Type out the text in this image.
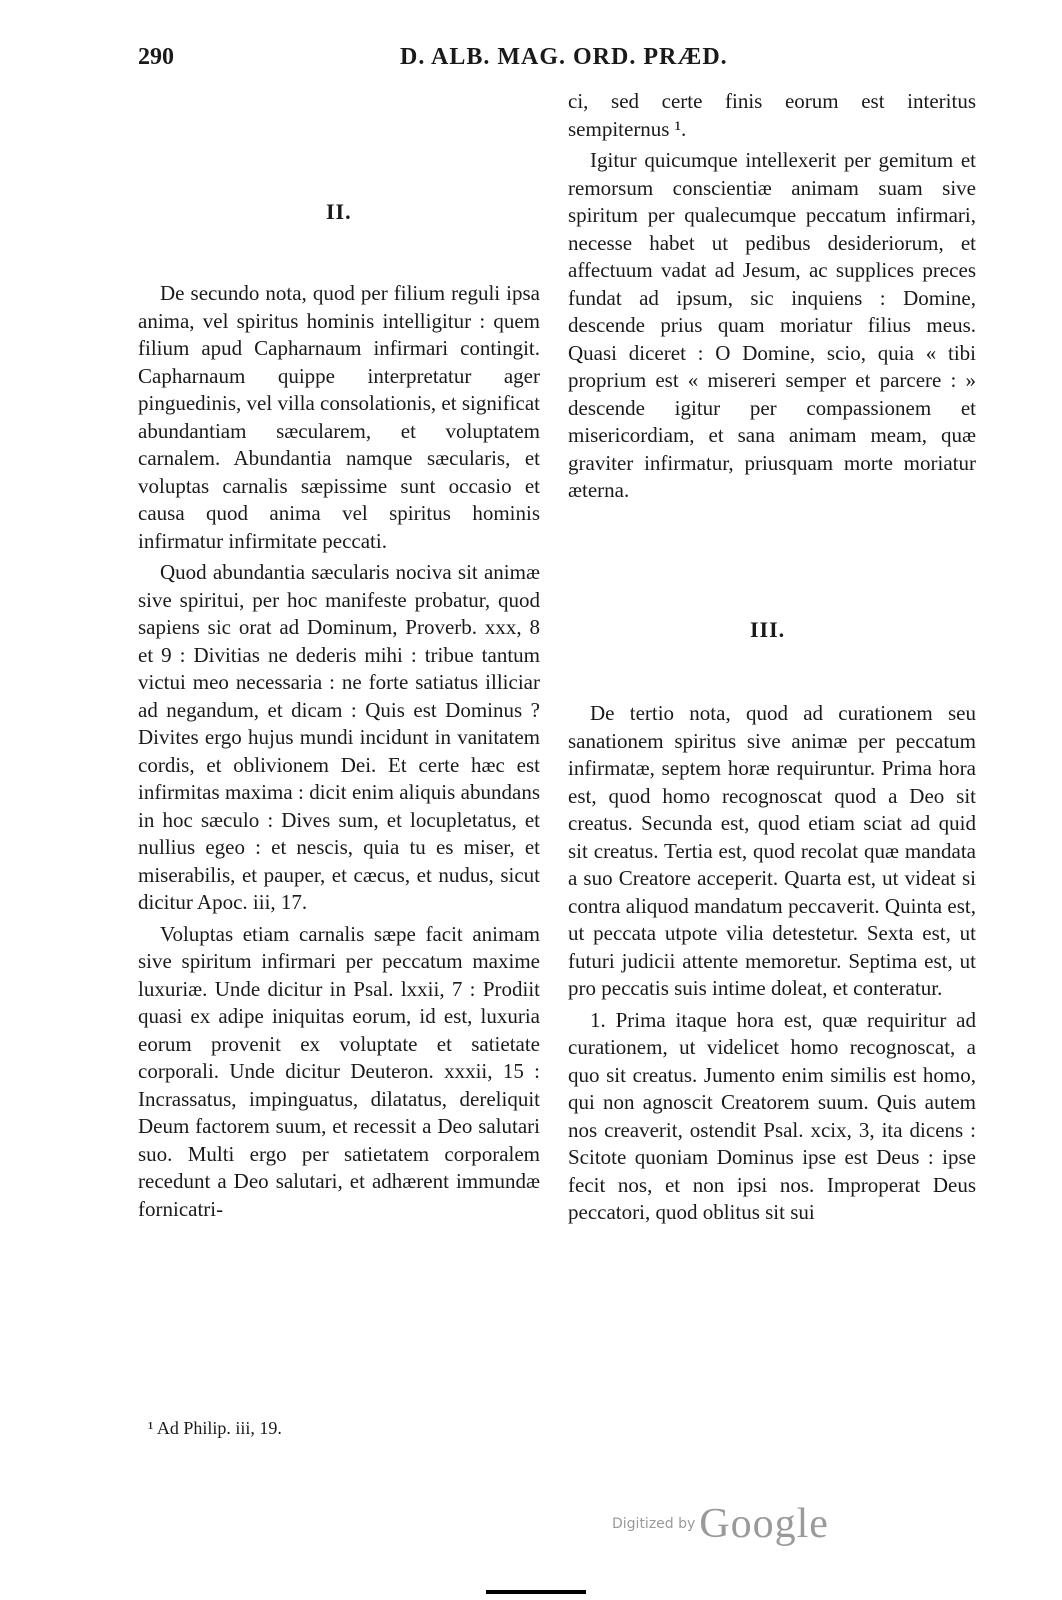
290	D. ALB. MAG. ORD. PRÆD.
II.

De secundo nota, quod per filium reguli ipsa anima, vel spiritus hominis intelligitur : quem filium apud Capharnaum infirmari contingit. Capharnaum quippe interpretatur ager pinguedinis, vel villa consolationis, et significat abundantiam sæcularem, et voluptatem carnalem. Abundantia namque sæcularis, et voluptas carnalis sæpissime sunt occasio et causa quod anima vel spiritus hominis infirmatur infirmitate peccati.

Quod abundantia sæcularis nociva sit animæ sive spiritui, per hoc manifeste probatur, quod sapiens sic orat ad Dominum, Proverb. xxx, 8 et 9 : Divitias ne dederis mihi : tribue tantum victui meo necessaria : ne forte satiatus illiciar ad negandum, et dicam : Quis est Dominus ? Divites ergo hujus mundi incidunt in vanitatem cordis, et oblivionem Dei. Et certe hæc est infirmitas maxima : dicit enim aliquis abundans in hoc sæculo : Dives sum, et locupletatus, et nullius egeo : et nescis, quia tu es miser, et miserabilis, et pauper, et cæcus, et nudus, sicut dicitur Apoc. iii, 17.

Voluptas etiam carnalis sæpe facit animam sive spiritum infirmari per peccatum maxime luxuriæ. Unde dicitur in Psal. lxxii, 7 : Prodiit quasi ex adipe iniquitas eorum, id est, luxuria eorum provenit ex voluptate et satietate corporali. Unde dicitur Deuteron. xxxii, 15 : Incrassatus, impinguatus, dilatatus, dereliquit Deum factorem suum, et recessit a Deo salutari suo. Multi ergo per satietatem corporalem recedunt a Deo salutari, et adhærent immundæ fornicatri-

ci, sed certe finis eorum est interitus sempiternus ¹.

Igitur quicumque intellexerit per gemitum et remorsum conscientiæ animam suam sive spiritum per qualecumque peccatum infirmari, necesse habet ut pedibus desideriorum, et affectuum vadat ad Jesum, ac supplices preces fundat ad ipsum, sic inquiens : Domine, descende prius quam moriatur filius meus. Quasi diceret : O Domine, scio, quia « tibi proprium est « misereri semper et parcere : » descende igitur per compassionem et misericordiam, et sana animam meam, quæ graviter infirmatur, priusquam morte moriatur æterna.

III.

De tertio nota, quod ad curationem seu sanationem spiritus sive animæ per peccatum infirmatæ, septem horæ requiruntur. Prima hora est, quod homo recognoscat quod a Deo sit creatus. Secunda est, quod etiam sciat ad quid sit creatus. Tertia est, quod recolat quæ mandata a suo Creatore acceperit. Quarta est, ut videat si contra aliquod mandatum peccaverit. Quinta est, ut peccata utpote vilia detestetur. Sexta est, ut futuri judicii attente memoretur. Septima est, ut pro peccatis suis intime doleat, et conteratur.

1. Prima itaque hora est, quæ requiritur ad curationem, ut videlicet homo recognoscat, a quo sit creatus. Jumento enim similis est homo, qui non agnoscit Creatorem suum. Quis autem nos creaverit, ostendit Psal. xcix, 3, ita dicens : Scitote quoniam Dominus ipse est Deus : ipse fecit nos, et non ipsi nos. Improperat Deus peccatori, quod oblitus sit sui

¹ Ad Philip. iii, 19.
Digitized by Google
